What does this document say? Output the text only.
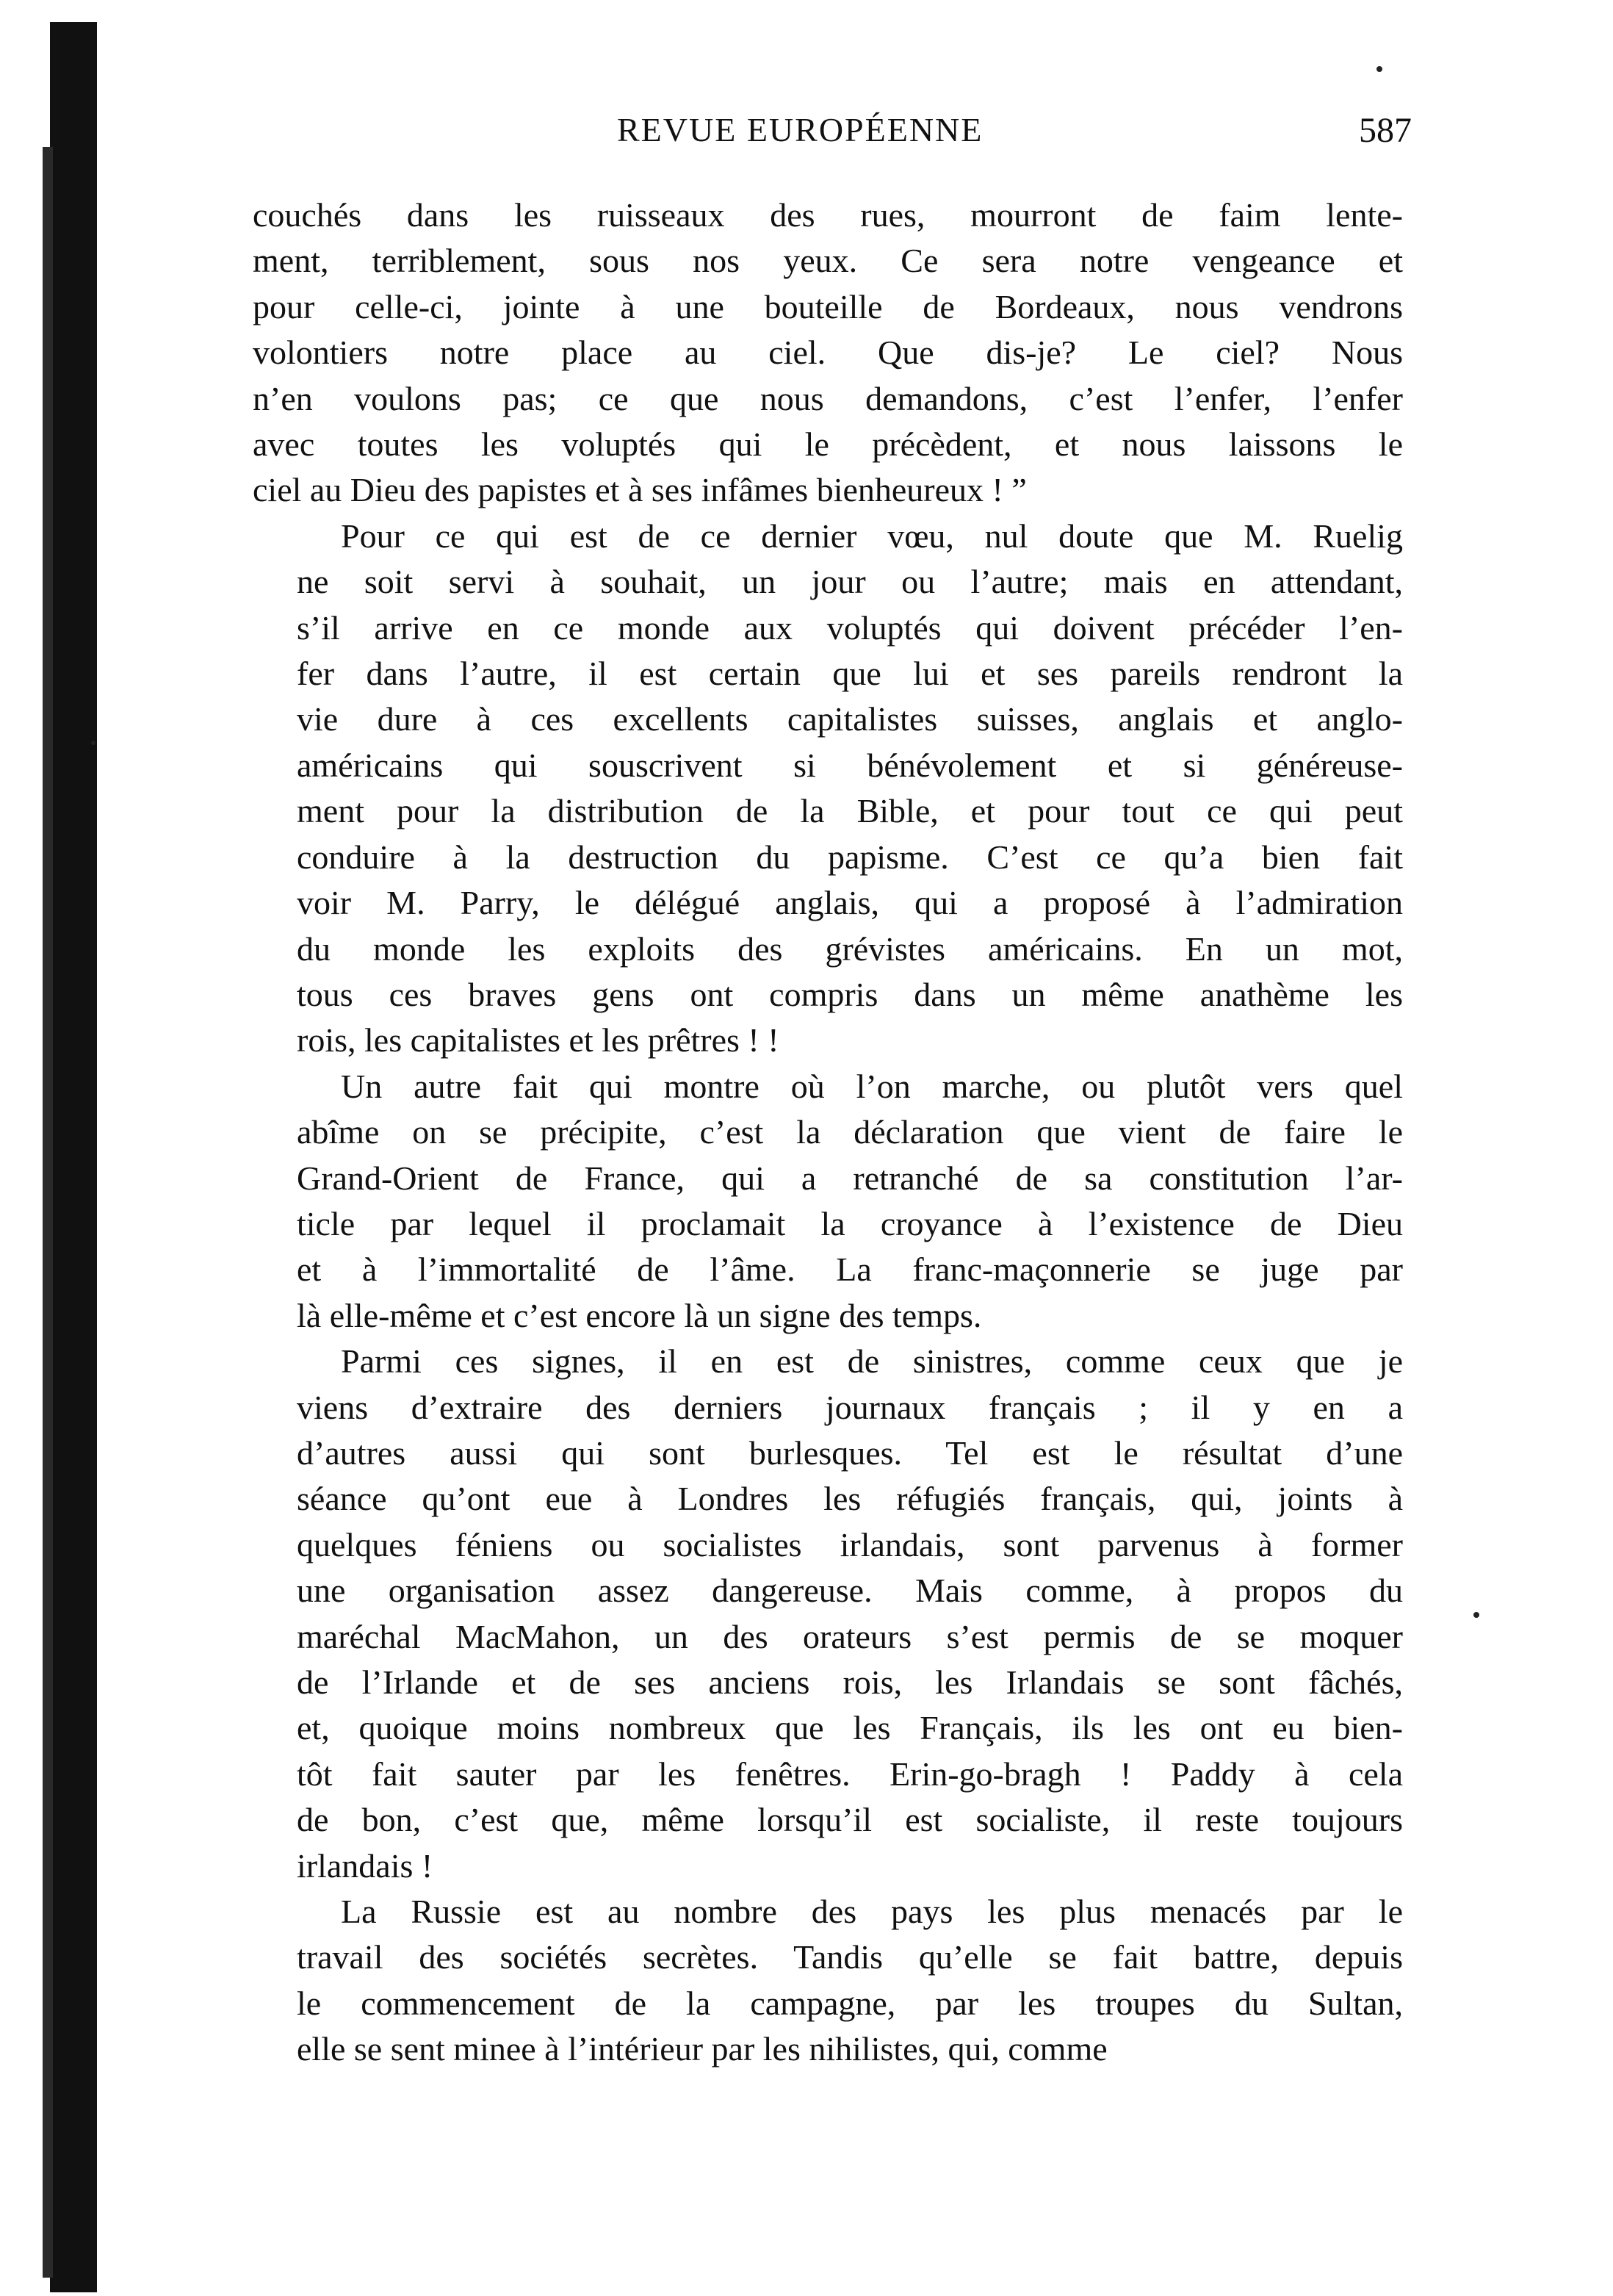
REVUE EUROPÉENNE	587

couchés dans les ruisseaux des rues, mourront de faim lente-
ment, terriblement, sous nos yeux. Ce sera notre vengeance et
pour celle-ci, jointe à une bouteille de Bordeaux, nous vendrons
volontiers notre place au ciel. Que dis-je? Le ciel? Nous
n’en voulons pas; ce que nous demandons, c’est l’enfer, l’enfer
avec toutes les voluptés qui le précèdent, et nous laissons le
ciel au Dieu des papistes et à ses infâmes bienheureux ! ”

Pour ce qui est de ce dernier vœu, nul doute que M. Ruelig
ne soit servi à souhait, un jour ou l’autre; mais en attendant,
s’il arrive en ce monde aux voluptés qui doivent précéder l’en-
fer dans l’autre, il est certain que lui et ses pareils rendront la
vie dure à ces excellents capitalistes suisses, anglais et anglo-
américains qui souscrivent si bénévolement et si généreuse-
ment pour la distribution de la Bible, et pour tout ce qui peut
conduire à la destruction du papisme. C’est ce qu’a bien fait
voir M. Parry, le délégué anglais, qui a proposé à l’admiration
du monde les exploits des grévistes américains. En un mot,
tous ces braves gens ont compris dans un même anathème les
rois, les capitalistes et les prêtres ! !

Un autre fait qui montre où l’on marche, ou plutôt vers quel
abîme on se précipite, c’est la déclaration que vient de faire le
Grand-Orient de France, qui a retranché de sa constitution l’ar-
ticle par lequel il proclamait la croyance à l’existence de Dieu
et à l’immortalité de l’âme. La franc-maçonnerie se juge par
là elle-même et c’est encore là un signe des temps.

Parmi ces signes, il en est de sinistres, comme ceux que je
viens d’extraire des derniers journaux français ; il y en a
d’autres aussi qui sont burlesques. Tel est le résultat d’une
séance qu’ont eue à Londres les réfugiés français, qui, joints à
quelques féniens ou socialistes irlandais, sont parvenus à former
une organisation assez dangereuse. Mais comme, à propos du
maréchal MacMahon, un des orateurs s’est permis de se moquer
de l’Irlande et de ses anciens rois, les Irlandais se sont fâchés,
et, quoique moins nombreux que les Français, ils les ont eu bien-
tôt fait sauter par les fenêtres. Erin-go-bragh ! Paddy à cela
de bon, c’est que, même lorsqu’il est socialiste, il reste toujours
irlandais !

La Russie est au nombre des pays les plus menacés par le
travail des sociétés secrètes. Tandis qu’elle se fait battre, depuis
le commencement de la campagne, par les troupes du Sultan,
elle se sent minee à l’intérieur par les nihilistes, qui, comme
